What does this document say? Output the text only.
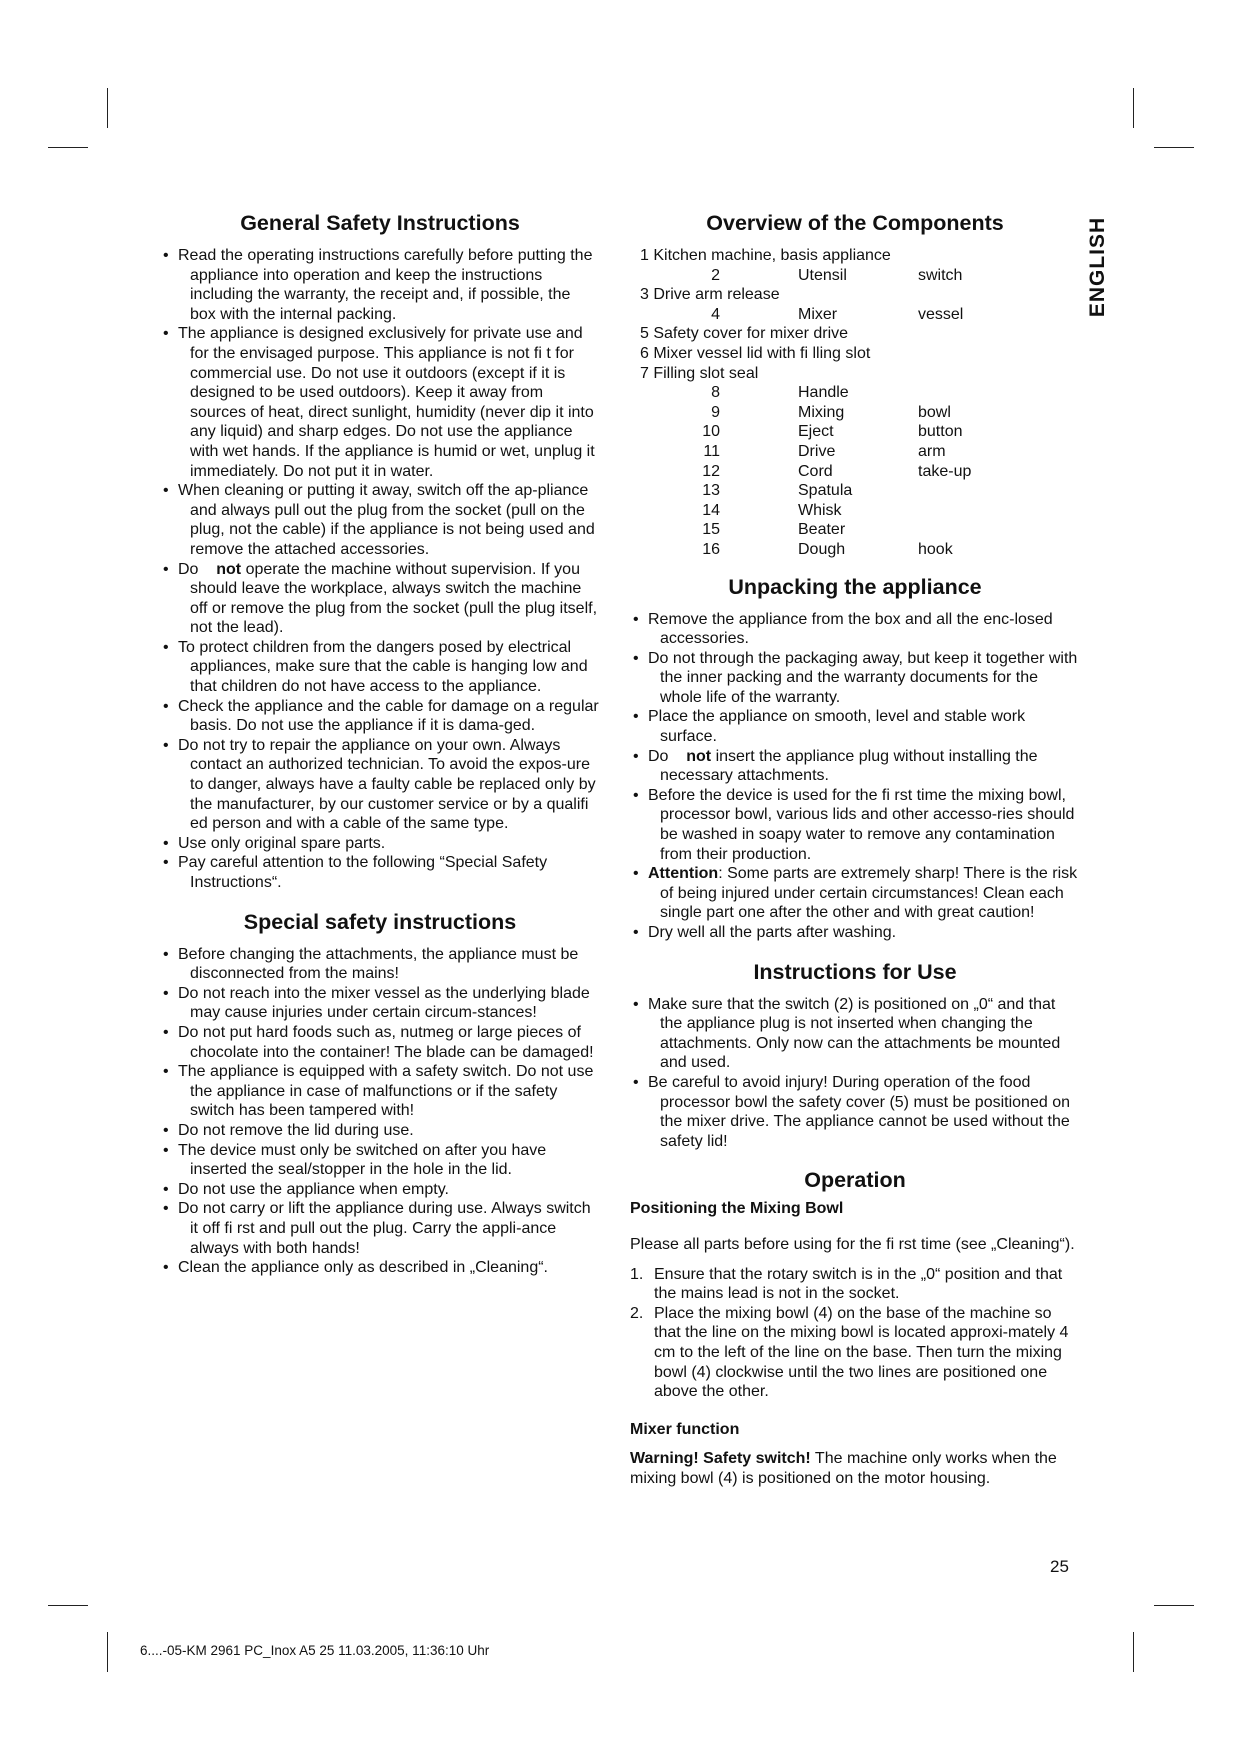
ENGLISH
General Safety Instructions
• Read the operating instructions carefully before putting the appliance into operation and keep the instructions including the warranty, the receipt and, if possible, the box with the internal packing.
• The appliance is designed exclusively for private use and for the envisaged purpose. This appliance is not fi t for commercial use. Do not use it outdoors (except if it is designed to be used outdoors). Keep it away from sources of heat, direct sunlight, humidity (never dip it into any liquid) and sharp edges. Do not use the appliance with wet hands. If the appliance is humid or wet, unplug it immediately. Do not put it in water.
• When cleaning or putting it away, switch off the ap-pliance and always pull out the plug from the socket (pull on the plug, not the cable) if the appliance is not being used and remove the attached accessories.
• Do not operate the machine without supervision. If you should leave the workplace, always switch the machine off or remove the plug from the socket (pull the plug itself, not the lead).
• To protect children from the dangers posed by electrical appliances, make sure that the cable is hanging low and that children do not have access to the appliance.
• Check the appliance and the cable for damage on a regular basis. Do not use the appliance if it is dama-ged.
• Do not try to repair the appliance on your own. Always contact an authorized technician. To avoid the expos-ure to danger, always have a faulty cable be replaced only by the manufacturer, by our customer service or by a qualifi ed person and with a cable of the same type.
• Use only original spare parts.
• Pay careful attention to the following “Special Safety Instructions“.
Special safety instructions
• Before changing the attachments, the appliance must be disconnected from the mains!
• Do not reach into the mixer vessel as the underlying blade may cause injuries under certain circum-stances!
• Do not put hard foods such as, nutmeg or large pieces of chocolate into the container! The blade can be damaged!
• The appliance is equipped with a safety switch. Do not use the appliance in case of malfunctions or if the safety switch has been tampered with!
• Do not remove the lid during use.
• The device must only be switched on after you have inserted the seal/stopper in the hole in the lid.
• Do not use the appliance when empty.
• Do not carry or lift the appliance during use. Always switch it off fi rst and pull out the plug. Carry the appli-ance always with both hands!
• Clean the appliance only as described in „Cleaning“.
Overview of the Components
1 Kitchen machine, basis appliance
2	Utensil	switch
3 Drive arm release
4	Mixer	vessel
5 Safety cover for mixer drive
6 Mixer vessel lid with fi lling slot
7 Filling slot seal
8	Handle
9	Mixing	bowl
10	Eject	button
11	Drive	arm
12	Cord	take-up
13	Spatula
14	Whisk
15	Beater
16	Dough	hook
Unpacking the appliance
• Remove the appliance from the box and all the enc-losed accessories.
• Do not through the packaging away, but keep it together with the inner packing and the warranty documents for the whole life of the warranty.
• Place the appliance on smooth, level and stable work surface.
• Do not insert the appliance plug without installing the necessary attachments.
• Before the device is used for the fi rst time the mixing bowl, processor bowl, various lids and other accesso-ries should be washed in soapy water to remove any contamination from their production.
• Attention: Some parts are extremely sharp! There is the risk of being injured under certain circumstances! Clean each single part one after the other and with great caution!
• Dry well all the parts after washing.
Instructions for Use
• Make sure that the switch (2) is positioned on „0“ and that the appliance plug is not inserted when changing the attachments. Only now can the attachments be mounted and used.
• Be careful to avoid injury! During operation of the food processor bowl the safety cover (5) must be positioned on the mixer drive. The appliance cannot be used without the safety lid!
Operation
Positioning the Mixing Bowl

Please all parts before using for the fi rst time (see „Cleaning“).

1. Ensure that the rotary switch is in the „0“ position and that the mains lead is not in the socket.
2. Place the mixing bowl (4) on the base of the machine so that the line on the mixing bowl is located approxi-mately 4 cm to the left of the line on the base. Then turn the mixing bowl (4) clockwise until the two lines are positioned one above the other.
Mixer function

Warning! Safety switch! The machine only works when the mixing bowl (4) is positioned on the motor housing.

25
6....-05-KM 2961 PC_Inox A5 25 11.03.2005, 11:36:10 Uhr
